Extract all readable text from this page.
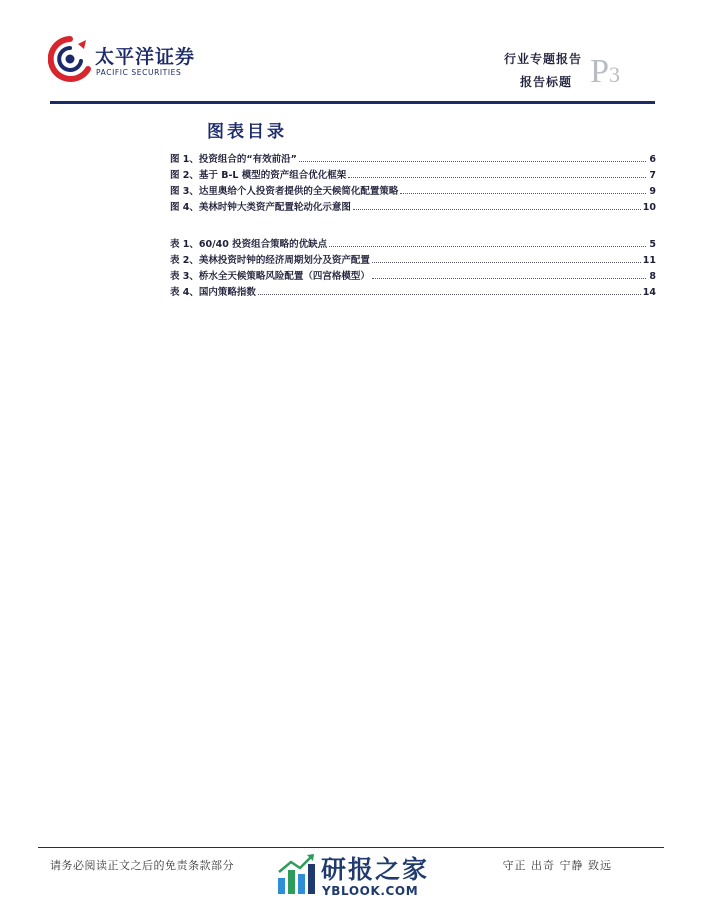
太平洋证券
PACIFIC SECURITIES
行业专题报告
报告标题 P3
图表目录
图 1、投资组合的“有效前沿”	6
图 2、基于 B-L 模型的资产组合优化框架	7
图 3、达里奥给个人投资者提供的全天候简化配置策略	9
图 4、美林时钟大类资产配置轮动化示意图	10
表 1、60/40 投资组合策略的优缺点	5
表 2、美林投资时钟的经济周期划分及资产配置	11
表 3、桥水全天候策略风险配置（四宫格模型）	8
表 4、国内策略指数	14
请务必阅读正文之后的免责条款部分	研报之家
YBLOOK.COM
守正 出奇 宁静 致远
